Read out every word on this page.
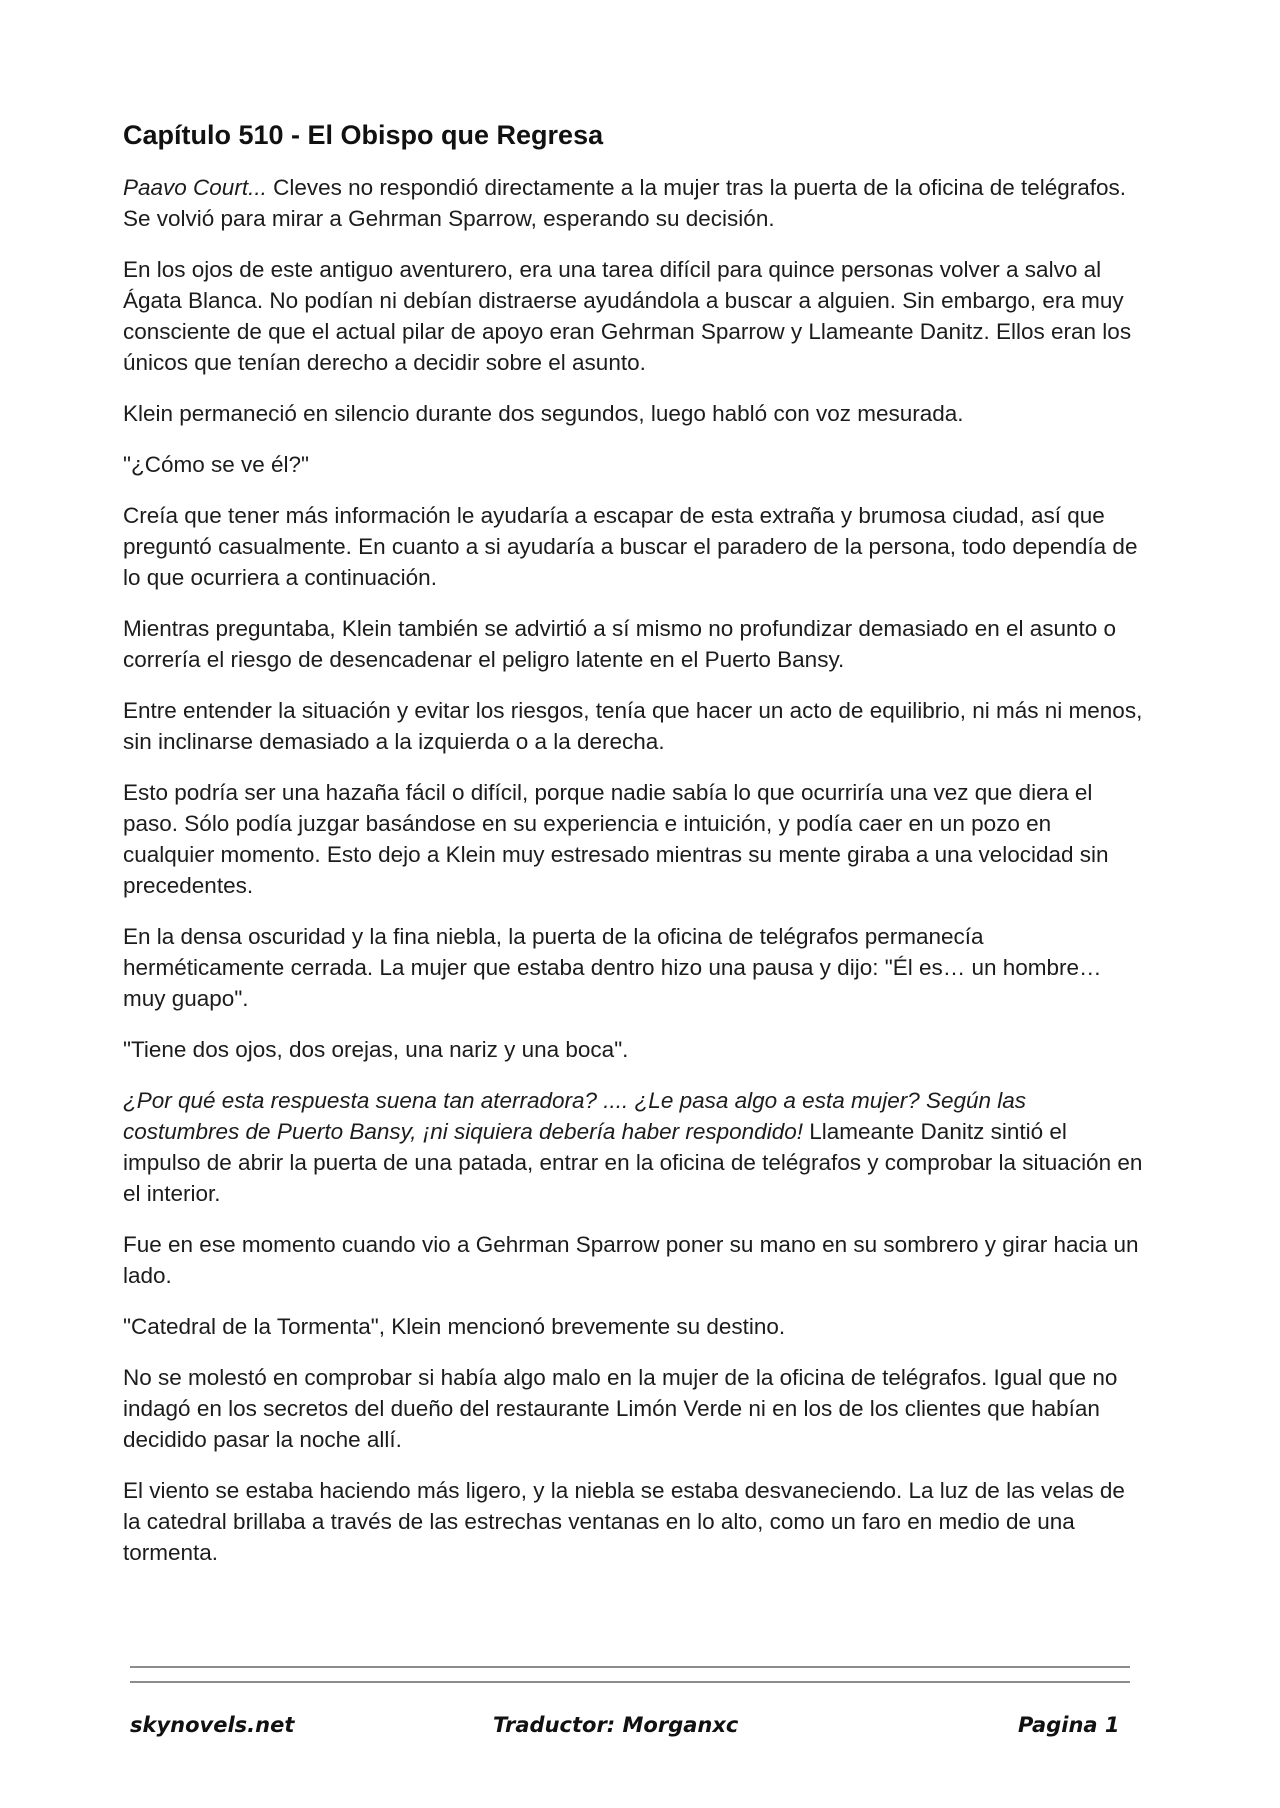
Capítulo 510 - El Obispo que Regresa

Paavo Court... Cleves no respondió directamente a la mujer tras la puerta de la oficina de telégrafos. Se volvió para mirar a Gehrman Sparrow, esperando su decisión.

En los ojos de este antiguo aventurero, era una tarea difícil para quince personas volver a salvo al Ágata Blanca. No podían ni debían distraerse ayudándola a buscar a alguien. Sin embargo, era muy consciente de que el actual pilar de apoyo eran Gehrman Sparrow y Llameante Danitz. Ellos eran los únicos que tenían derecho a decidir sobre el asunto.

Klein permaneció en silencio durante dos segundos, luego habló con voz mesurada.

"¿Cómo se ve él?"

Creía que tener más información le ayudaría a escapar de esta extraña y brumosa ciudad, así que preguntó casualmente. En cuanto a si ayudaría a buscar el paradero de la persona, todo dependía de lo que ocurriera a continuación.

Mientras preguntaba, Klein también se advirtió a sí mismo no profundizar demasiado en el asunto o correría el riesgo de desencadenar el peligro latente en el Puerto Bansy.

Entre entender la situación y evitar los riesgos, tenía que hacer un acto de equilibrio, ni más ni menos, sin inclinarse demasiado a la izquierda o a la derecha.

Esto podría ser una hazaña fácil o difícil, porque nadie sabía lo que ocurriría una vez que diera el paso. Sólo podía juzgar basándose en su experiencia e intuición, y podía caer en un pozo en cualquier momento. Esto dejo a Klein muy estresado mientras su mente giraba a una velocidad sin precedentes.

En la densa oscuridad y la fina niebla, la puerta de la oficina de telégrafos permanecía herméticamente cerrada. La mujer que estaba dentro hizo una pausa y dijo: "Él es… un hombre… muy guapo".

"Tiene dos ojos, dos orejas, una nariz y una boca".

¿Por qué esta respuesta suena tan aterradora? .... ¿Le pasa algo a esta mujer? Según las costumbres de Puerto Bansy, ¡ni siquiera debería haber respondido! Llameante Danitz sintió el impulso de abrir la puerta de una patada, entrar en la oficina de telégrafos y comprobar la situación en el interior.

Fue en ese momento cuando vio a Gehrman Sparrow poner su mano en su sombrero y girar hacia un lado.

"Catedral de la Tormenta", Klein mencionó brevemente su destino.

No se molestó en comprobar si había algo malo en la mujer de la oficina de telégrafos. Igual que no indagó en los secretos del dueño del restaurante Limón Verde ni en los de los clientes que habían decidido pasar la noche allí.

El viento se estaba haciendo más ligero, y la niebla se estaba desvaneciendo. La luz de las velas de la catedral brillaba a través de las estrechas ventanas en lo alto, como un faro en medio de una tormenta.

skynovels.net	Traductor: Morganxc	Pagina 1
